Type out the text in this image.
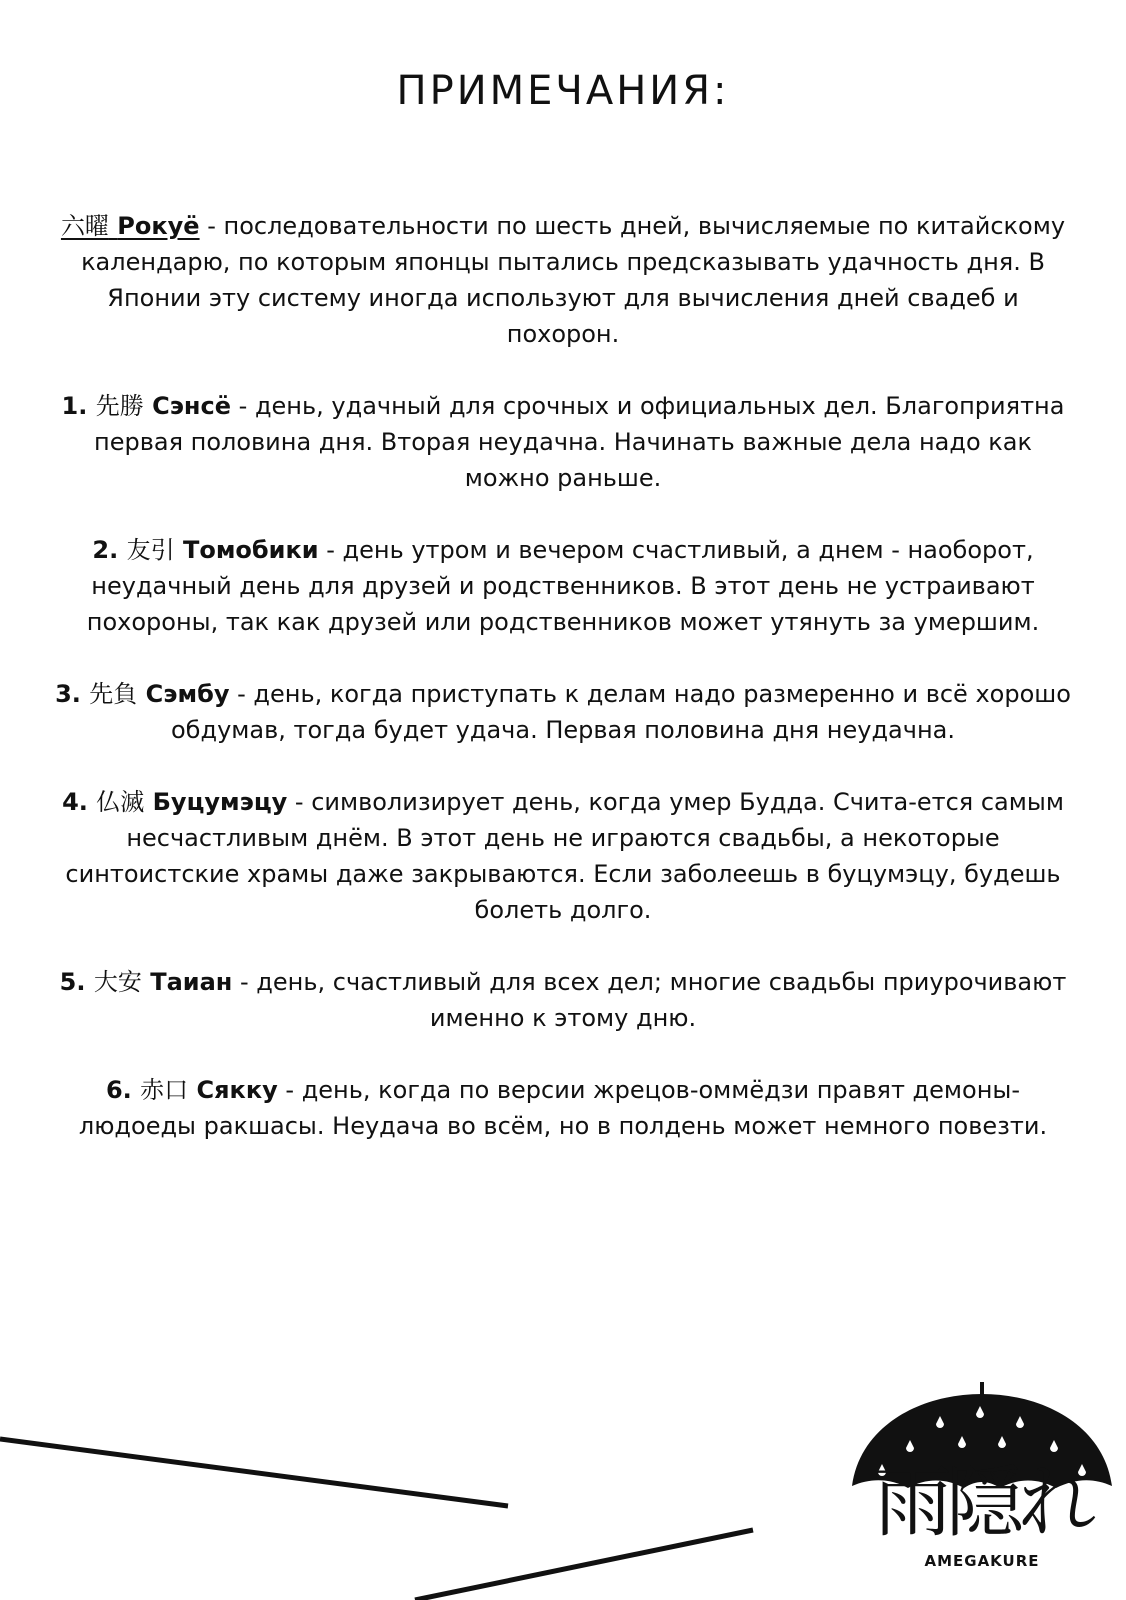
ПРИМЕЧАНИЯ:

六曜 Рокуё - последовательности по шесть дней, вычисляемые по китайскому календарю, по которым японцы пытались предсказывать удачность дня. В Японии эту систему иногда используют для вычисления дней свадеб и похорон.

1. 先勝 Сэнсё - день, удачный для срочных и официальных дел. Благоприятна первая половина дня. Вторая неудачна. Начинать важные дела надо как можно раньше.

2. 友引 Томобики - день утром и вечером счастливый, а днем - наоборот, неудачный день для друзей и родственников. В этот день не устраивают похороны, так как друзей или родственников может утянуть за умершим.

3. 先負 Сэмбу - день, когда приступать к делам надо размеренно и всё хорошо обдумав, тогда будет удача. Первая половина дня неудачна.

4. 仏滅 Буцумэцу - символизирует день, когда умер Будда. Счита-ется самым несчастливым днём. В этот день не играются свадьбы, а некоторые синтоистские храмы даже закрываются. Если заболеешь в буцумэцу, будешь болеть долго.

5. 大安 Таиан - день, счастливый для всех дел; многие свадьбы приурочивают именно к этому дню.

6. 赤口 Сякку - день, когда по версии жрецов-оммёдзи правят демоны-людоеды ракшасы. Неудача во всём, но в полдень может немного повезти.

雨隠れ
AMEGAKURE
